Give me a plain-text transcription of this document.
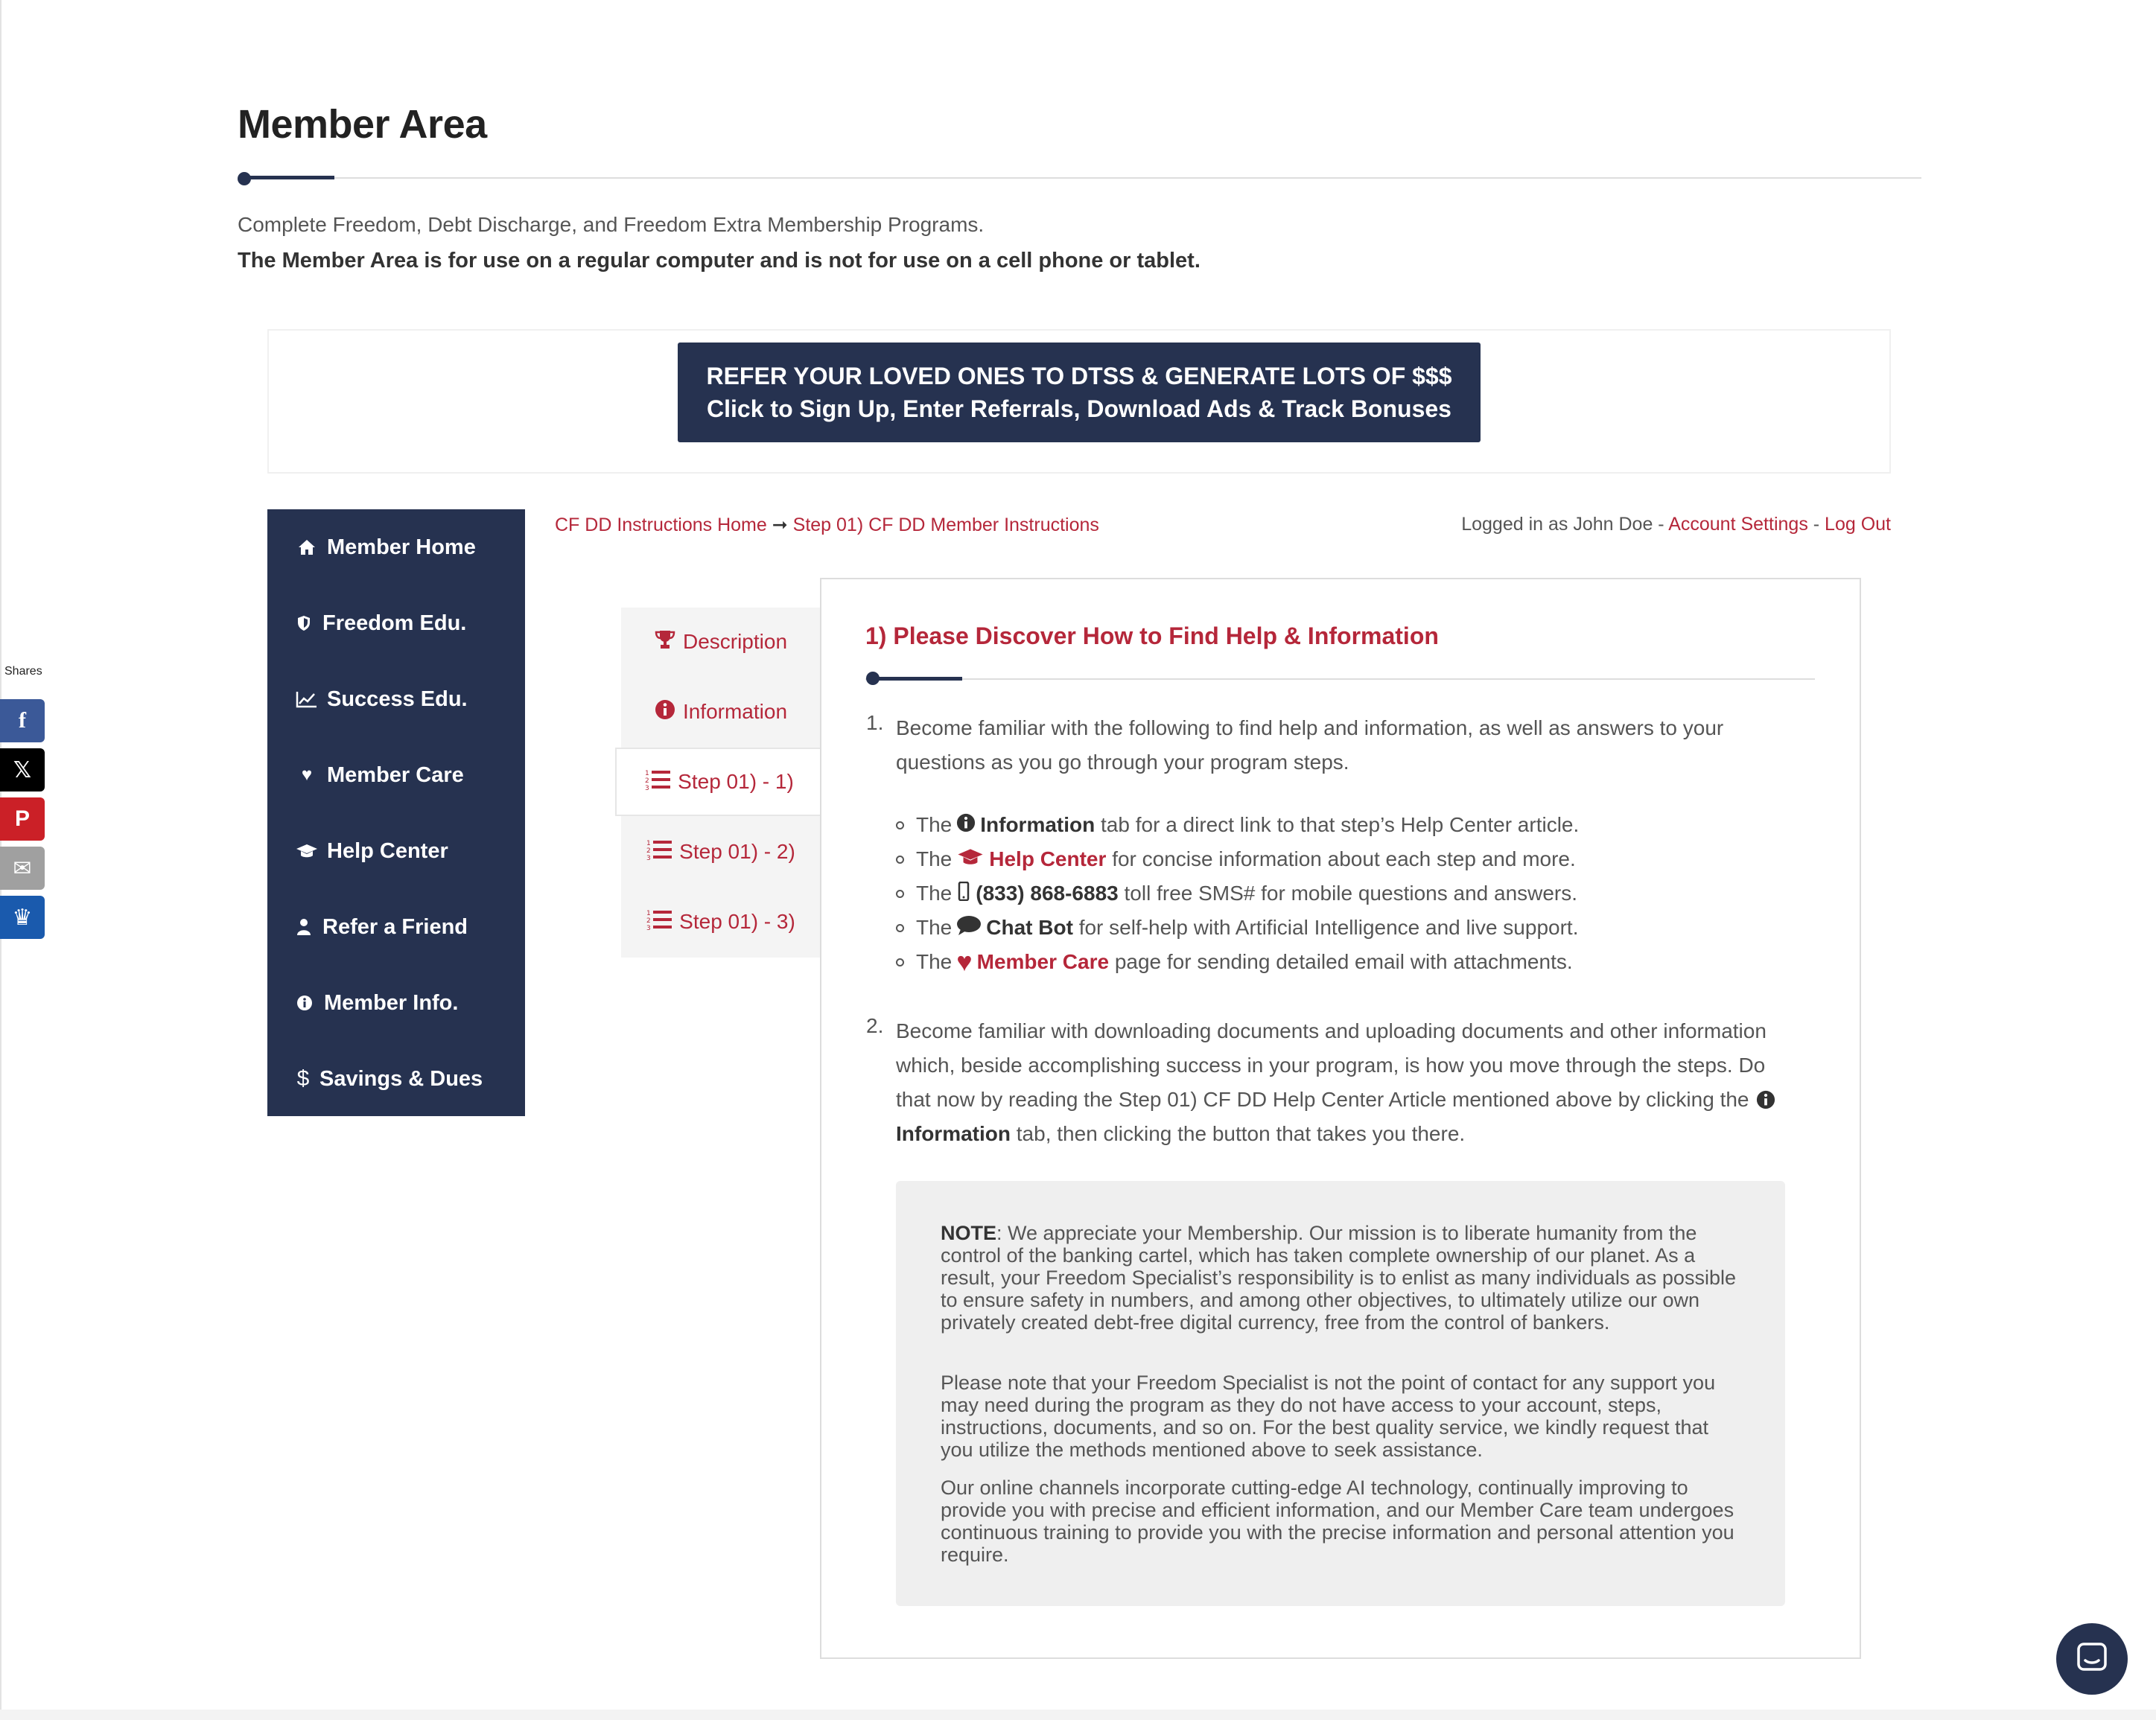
Member Area
Complete Freedom, Debt Discharge, and Freedom Extra Membership Programs.
The Member Area is for use on a regular computer and is not for use on a cell phone or tablet.
REFER YOUR LOVED ONES TO DTSS & GENERATE LOTS OF $$$
Click to Sign Up, Enter Referrals, Download Ads & Track Bonuses
Member Home
Freedom Edu.
Success Edu.
♥ Member Care
Help Center
Refer a Friend
Member Info.
$ Savings & Dues
CF DD Instructions Home ➞ Step 01) CF DD Member Instructions	Logged in as John Doe - Account Settings - Log Out
Description
Information
1
2
3 Step 01) - 1)
1
2
3 Step 01) - 2)
1
2
3 Step 01) - 3)
1) Please Discover How to Find Help & Information
1. Become familiar with the following to find help and information, as well as answers to your questions as you go through your program steps.
The Information
tab for a direct link to that step’s Help Center article.
The Help Center
for concise information about each step and more.
The (833) 868-6883
toll free SMS# for mobile questions and answers.
The Chat Bot
for self-help with Artificial Intelligence and live support.
The ♥ Member Care
page for sending detailed email with attachments.
2. Become familiar with downloading documents and uploading documents and other information which, beside accomplishing success in your program, is how you move through the steps. Do that now by reading the Step 01) CF DD Help Center Article mentioned above by clicking the  Information tab, then clicking the button that takes you there.
NOTE: We appreciate your Membership. Our mission is to liberate humanity from the control of the banking cartel, which has taken complete ownership of our planet. As a result, your Freedom Specialist’s responsibility is to enlist as many individuals as possible to ensure safety in numbers, and among other objectives, to ultimately utilize our own privately created debt-free digital currency, free from the control of bankers.
Please note that your Freedom Specialist is not the point of contact for any support you may need during the program as they do not have access to your account, steps, instructions, documents, and so on. For the best quality service, we kindly request that you utilize the methods mentioned above to seek assistance.
Our online channels incorporate cutting-edge AI technology, continually improving to provide you with precise and efficient information, and our Member Care team undergoes continuous training to provide you with the precise information and personal attention you require.
Shares
f
𝕏
P
✉
♛
